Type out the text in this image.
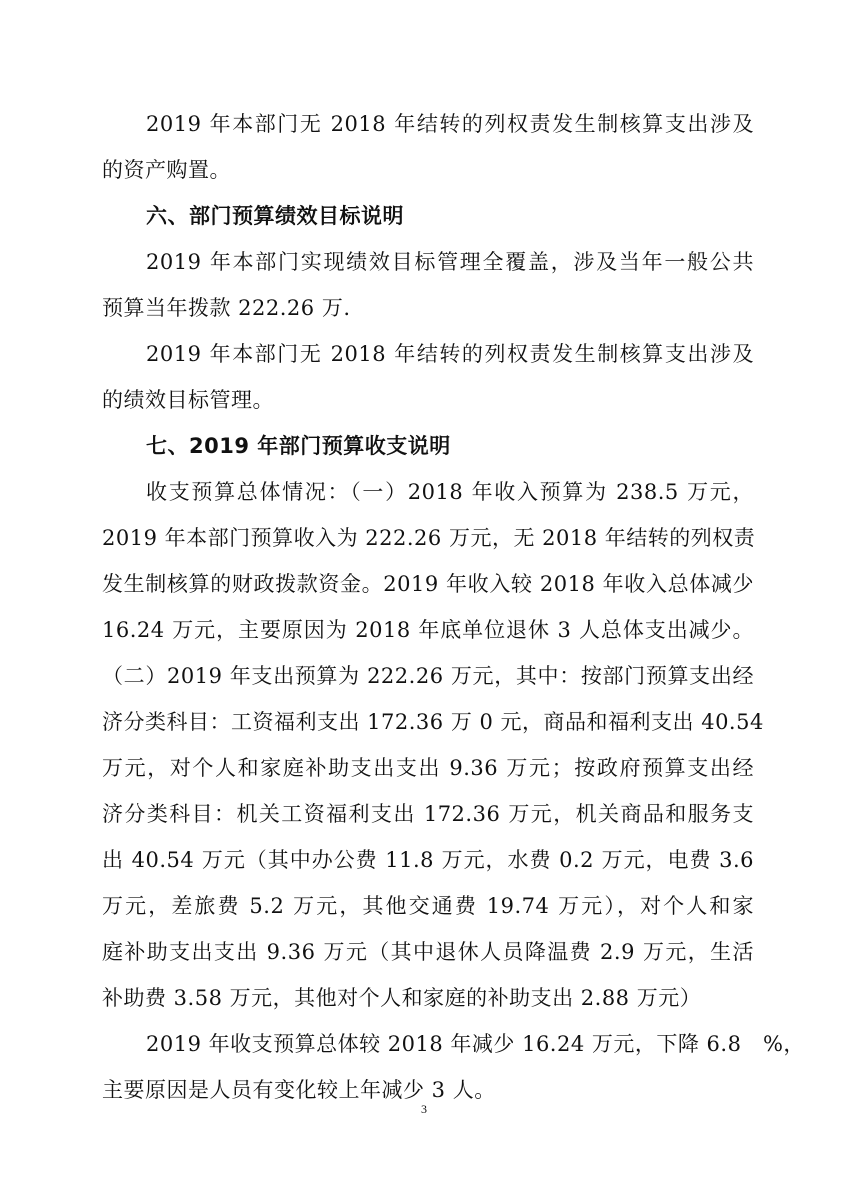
2019 年本部门无 2018 年结转的列权责发生制核算支出涉及
的资产购置。
六、部门预算绩效目标说明
2019 年本部门实现绩效目标管理全覆盖，涉及当年一般公共
预算当年拨款 222.26 万.
2019 年本部门无 2018 年结转的列权责发生制核算支出涉及
的绩效目标管理。
七、2019 年部门预算收支说明
收支预算总体情况：（一）2018 年收入预算为 238.5 万元，
2019 年本部门预算收入为 222.26 万元，无 2018 年结转的列权责
发生制核算的财政拨款资金。2019 年收入较 2018 年收入总体减少
16.24 万元，主要原因为 2018 年底单位退休 3 人总体支出减少。
（二）2019 年支出预算为 222.26 万元，其中：按部门预算支出经
济分类科目：工资福利支出 172.36 万 0 元，商品和福利支出 40.54
万元，对个人和家庭补助支出支出 9.36 万元；按政府预算支出经
济分类科目：机关工资福利支出 172.36 万元，机关商品和服务支
出 40.54 万元（其中办公费 11.8 万元，水费 0.2 万元，电费 3.6
万元，差旅费 5.2 万元，其他交通费 19.74 万元），对个人和家
庭补助支出支出 9.36 万元（其中退休人员降温费 2.9 万元，生活
补助费 3.58 万元，其他对个人和家庭的补助支出 2.88 万元）
2019 年收支预算总体较 2018 年减少 16.24 万元，下降 6.8　%，
主要原因是人员有变化较上年减少 3 人。
3
